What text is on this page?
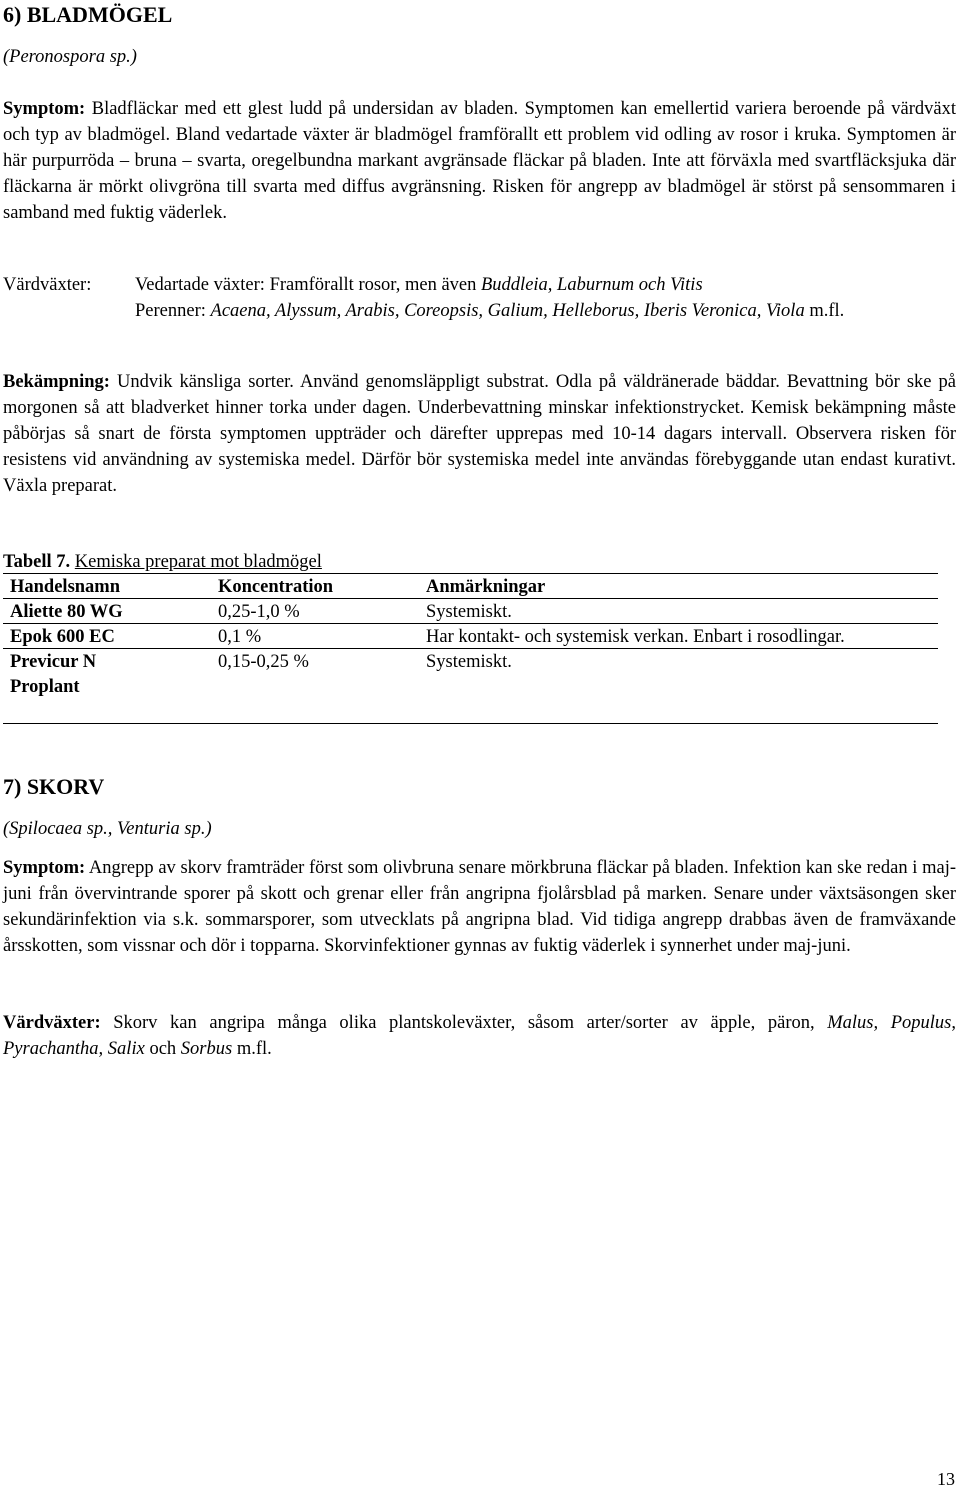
6) BLADMÖGEL
(Peronospora sp.)
Symptom: Bladfläckar med ett glest ludd på undersidan av bladen. Symptomen kan emellertid variera beroende på värdväxt och typ av bladmögel. Bland vedartade växter är bladmögel framförallt ett problem vid odling av rosor i kruka. Symptomen är här purpurröda – bruna – svarta, oregelbundna markant avgränsade fläckar på bladen. Inte att förväxla med svartfläcksjuka där fläckarna är mörkt olivgröna till svarta med diffus avgränsning. Risken för angrepp av bladmögel är störst på sensommaren i samband med fuktig väderlek.
Värdväxter: Vedartade växter: Framförallt rosor, men även Buddleia, Laburnum och Vitis
Perenner: Acaena, Alyssum, Arabis, Coreopsis, Galium, Helleborus, Iberis Veronica, Viola m.fl.
Bekämpning: Undvik känsliga sorter. Använd genomsläppligt substrat. Odla på väldränerade bäddar. Bevattning bör ske på morgonen så att bladverket hinner torka under dagen. Underbevattning minskar infektionstrycket. Kemisk bekämpning måste påbörjas så snart de första symptomen uppträder och därefter upprepas med 10-14 dagars intervall. Observera risken för resistens vid användning av systemiska medel. Därför bör systemiska medel inte användas förebyggande utan endast kurativt. Växla preparat.
Tabell 7. Kemiska preparat mot bladmögel
Handelsnamn	Koncentration	Anmärkningar
Aliette 80 WG	0,25-1,0 %	Systemiskt.
Epok 600 EC	0,1 %	Har kontakt- och systemisk verkan. Enbart i rosodlingar.
Previcur N	0,15-0,25 %	Systemiskt.
Proplant
7) SKORV
(Spilocaea sp., Venturia sp.)
Symptom: Angrepp av skorv framträder först som olivbruna senare mörkbruna fläckar på bladen. Infektion kan ske redan i maj-juni från övervintrande sporer på skott och grenar eller från angripna fjolårsblad på marken. Senare under växtsäsongen sker sekundärinfektion via s.k. sommarsporer, som utvecklats på angripna blad. Vid tidiga angrepp drabbas även de framväxande årsskotten, som vissnar och dör i topparna. Skorvinfektioner gynnas av fuktig väderlek i synnerhet under maj-juni.
Värdväxter: Skorv kan angripa många olika plantskoleväxter, såsom arter/sorter av äpple, päron, Malus, Populus, Pyrachantha, Salix och Sorbus m.fl.
13
